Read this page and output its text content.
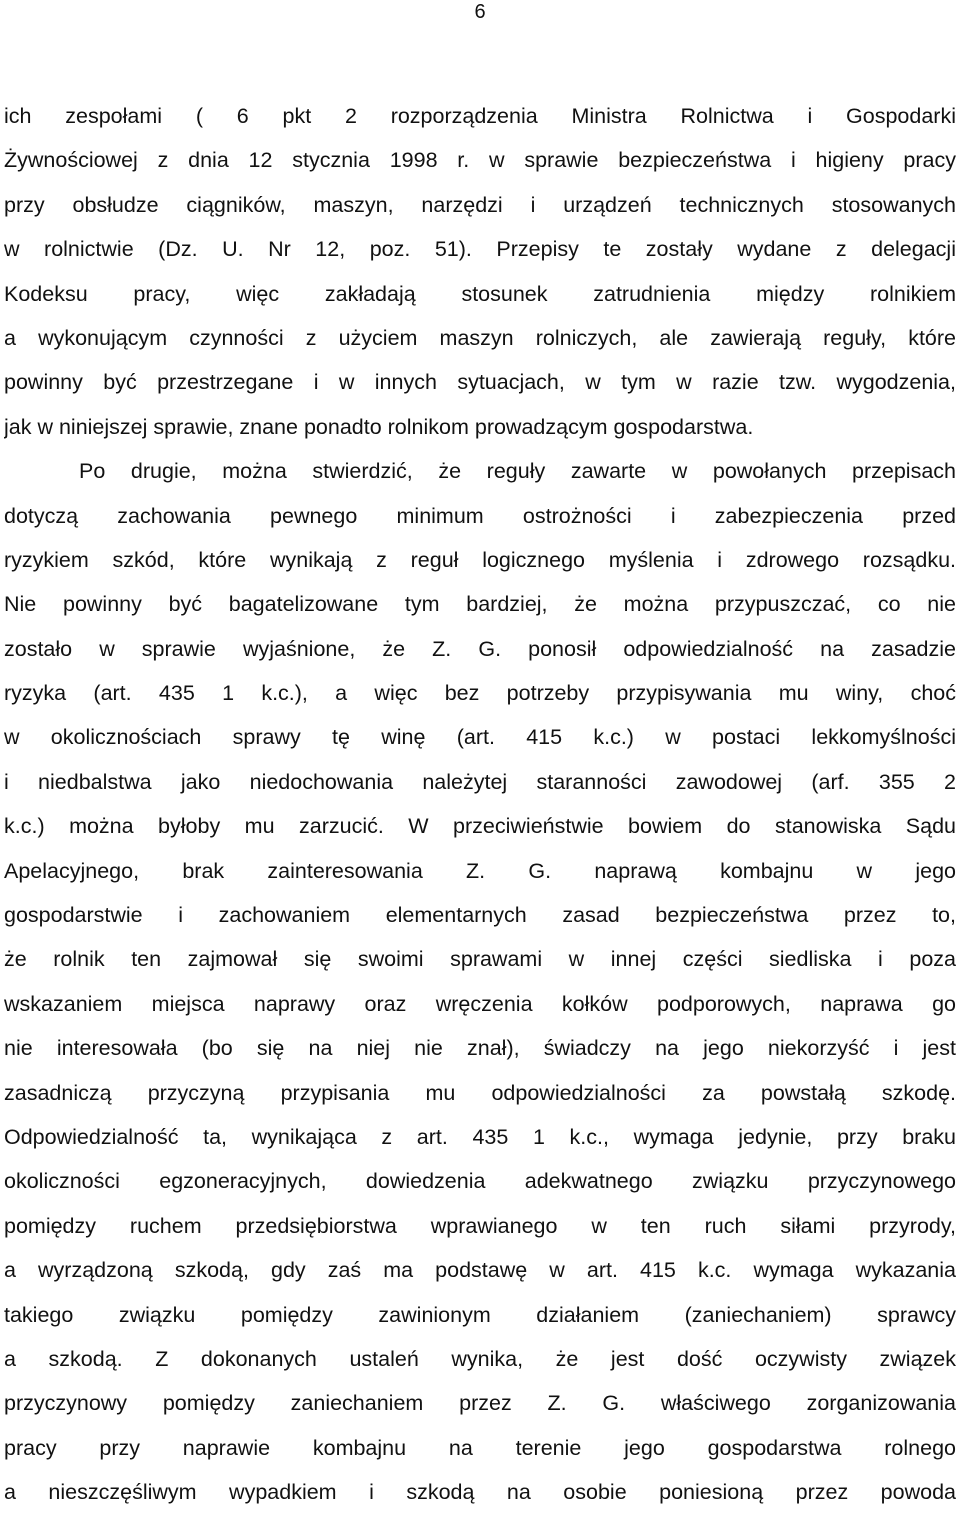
6
ich zespołami ( 6 pkt 2 rozporządzenia Ministra Rolnictwa i Gospodarki
Żywnościowej z dnia 12 stycznia 1998 r. w sprawie bezpieczeństwa i higieny pracy
przy obsłudze ciągników, maszyn, narzędzi i urządzeń technicznych stosowanych
w rolnictwie (Dz. U. Nr 12, poz. 51). Przepisy te zostały wydane z delegacji
Kodeksu pracy, więc zakładają stosunek zatrudnienia między rolnikiem
a wykonującym czynności z użyciem maszyn rolniczych, ale zawierają reguły, które
powinny być przestrzegane i w innych sytuacjach, w tym w razie tzw. wygodzenia,
jak w niniejszej sprawie, znane ponadto rolnikom prowadzącym gospodarstwa.
Po drugie, można stwierdzić, że reguły zawarte w powołanych przepisach
dotyczą zachowania pewnego minimum ostrożności i zabezpieczenia przed
ryzykiem szkód, które wynikają z reguł logicznego myślenia i zdrowego rozsądku.
Nie powinny być bagatelizowane tym bardziej, że można przypuszczać, co nie
zostało w sprawie wyjaśnione, że Z. G. ponosił odpowiedzialność na zasadzie
ryzyka (art. 435 1 k.c.), a więc bez potrzeby przypisywania mu winy, choć
w okolicznościach sprawy tę winę (art. 415 k.c.) w postaci lekkomyślności
i niedbalstwa jako niedochowania należytej staranności zawodowej (arf. 355 2
k.c.) można byłoby mu zarzucić. W przeciwieństwie bowiem do stanowiska Sądu
Apelacyjnego, brak zainteresowania Z. G. naprawą kombajnu w jego
gospodarstwie i zachowaniem elementarnych zasad bezpieczeństwa przez to,
że rolnik ten zajmował się swoimi sprawami w innej części siedliska i poza
wskazaniem miejsca naprawy oraz wręczenia kołków podporowych, naprawa go
nie interesowała (bo się na niej nie znał), świadczy na jego niekorzyść i jest
zasadniczą przyczyną przypisania mu odpowiedzialności za powstałą szkodę.
Odpowiedzialność ta, wynikająca z art. 435 1 k.c., wymaga jedynie, przy braku
okoliczności egzoneracyjnych, dowiedzenia adekwatnego związku przyczynowego
pomiędzy ruchem przedsiębiorstwa wprawianego w ten ruch siłami przyrody,
a wyrządzoną szkodą, gdy zaś ma podstawę w art. 415 k.c. wymaga wykazania
takiego związku pomiędzy zawinionym działaniem (zaniechaniem) sprawcy
a szkodą. Z dokonanych ustaleń wynika, że jest dość oczywisty związek
przyczynowy pomiędzy zaniechaniem przez Z. G. właściwego zorganizowania
pracy przy naprawie kombajnu na terenie jego gospodarstwa rolnego
a nieszczęśliwym wypadkiem i szkodą na osobie poniesioną przez powoda
